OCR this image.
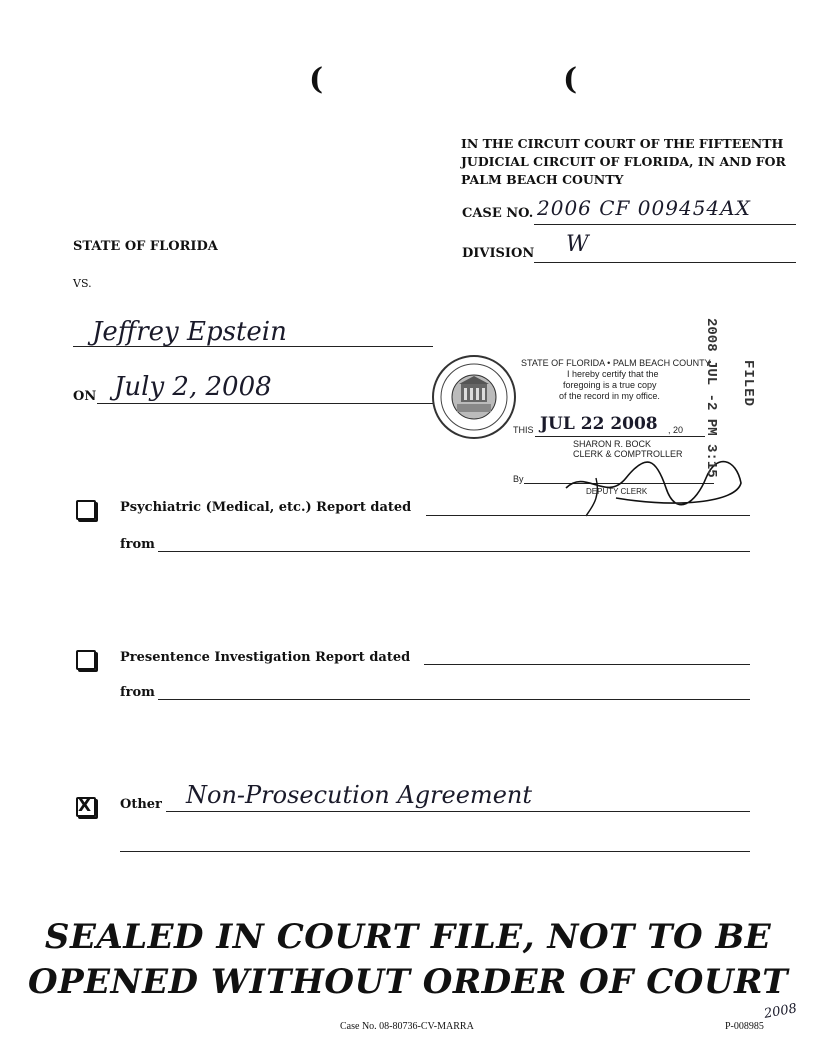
(	(
IN THE CIRCUIT COURT OF THE FIFTEENTH
JUDICIAL CIRCUIT OF FLORIDA, IN AND FOR
PALM BEACH COUNTY
CASE NO. 2006 CF 009454AX
DIVISION W
STATE OF FLORIDA
VS.
Jeffrey Epstein
ON July 2, 2008
STATE OF FLORIDA • PALM BEACH COUNTY
I hereby certify that the
foregoing is a true copy
of the record in my office.
THIS JUL 22 2008 , 20
SHARON R. BOCK
CLERK & COMPTROLLER
By
DEPUTY CLERK
2008 JUL -2 PM 3:15 FILED
Psychiatric (Medical, etc.) Report dated
from
Presentence Investigation Report dated
from
X Other Non-Prosecution Agreement
SEALED IN COURT FILE, NOT TO BE
OPENED WITHOUT ORDER OF COURT
Case No. 08-80736-CV-MARRA	P-008985
2008
